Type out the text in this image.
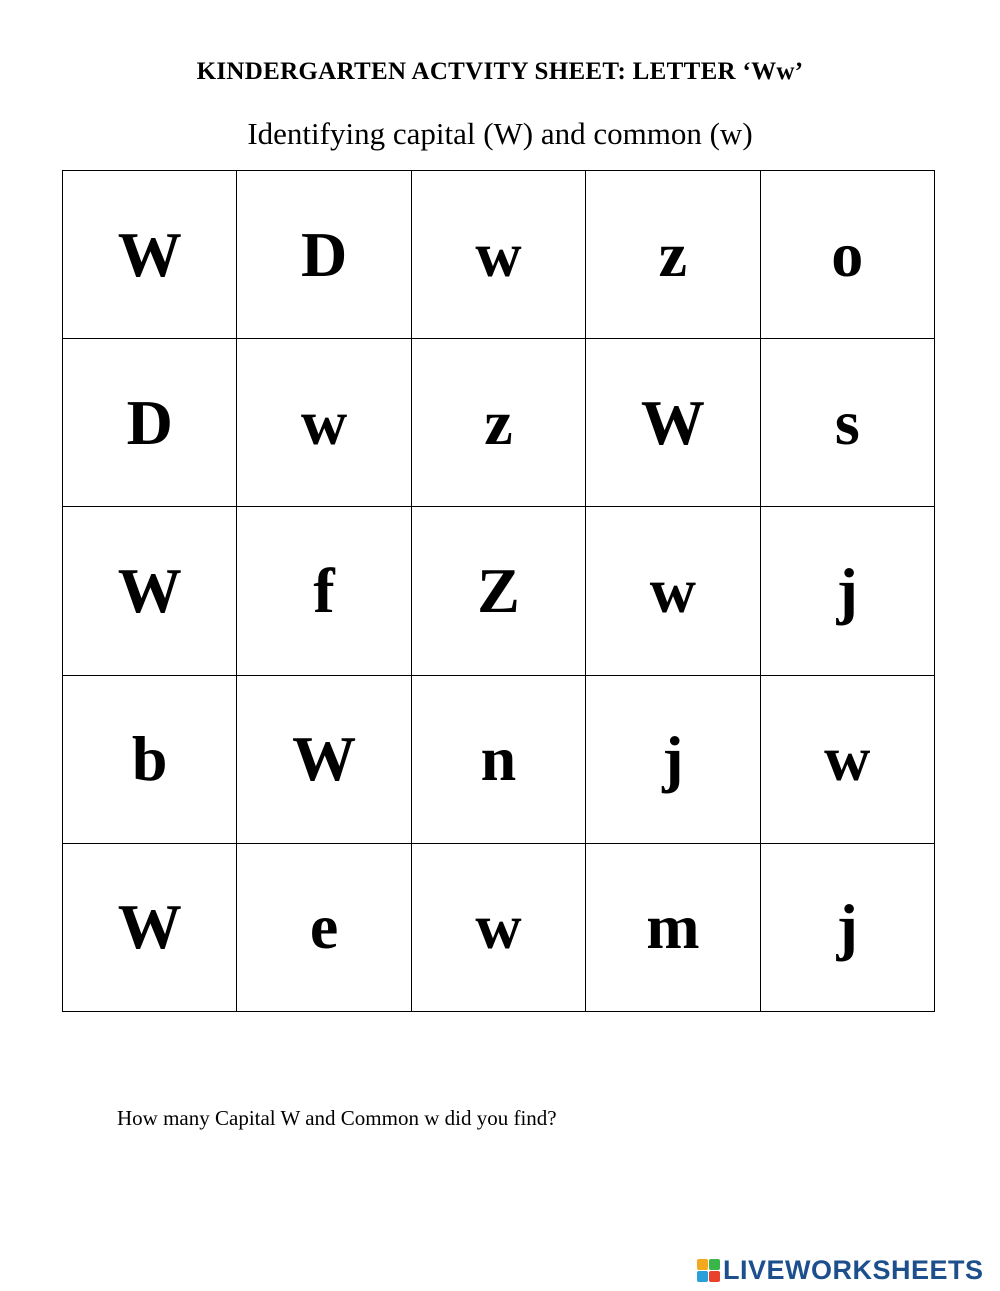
KINDERGARTEN ACTVITY SHEET: LETTER ‘Ww’
Identifying capital (W) and common (w)
W	D	w	z	o
D	w	z	W	s
W	f	Z	w	j
b	W	n	j	w
W	e	w	m	j
How many Capital W and Common w did you find?
LIVEWORKSHEETS
